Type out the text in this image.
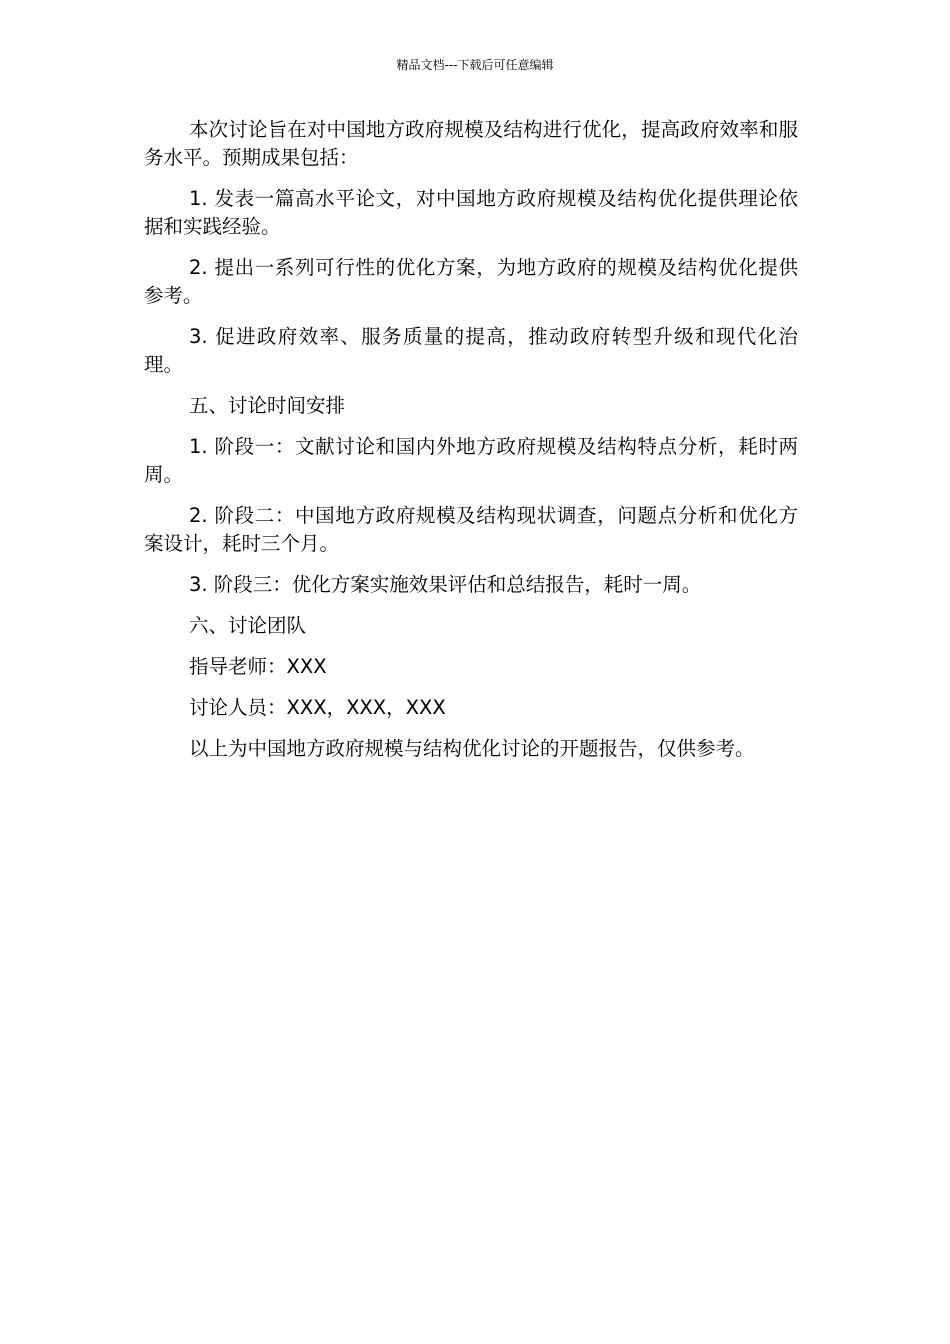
精品文档---下载后可任意编辑

本次讨论旨在对中国地方政府规模及结构进行优化，提高政府效率和服务水平。预期成果包括：

1. 发表一篇高水平论文，对中国地方政府规模及结构优化提供理论依据和实践经验。

2. 提出一系列可行性的优化方案，为地方政府的规模及结构优化提供参考。

3. 促进政府效率、服务质量的提高，推动政府转型升级和现代化治理。

五、讨论时间安排

1. 阶段一：文献讨论和国内外地方政府规模及结构特点分析，耗时两周。

2. 阶段二：中国地方政府规模及结构现状调查，问题点分析和优化方案设计，耗时三个月。

3. 阶段三：优化方案实施效果评估和总结报告，耗时一周。

六、讨论团队

指导老师：XXX

讨论人员：XXX，XXX，XXX

以上为中国地方政府规模与结构优化讨论的开题报告，仅供参考。
